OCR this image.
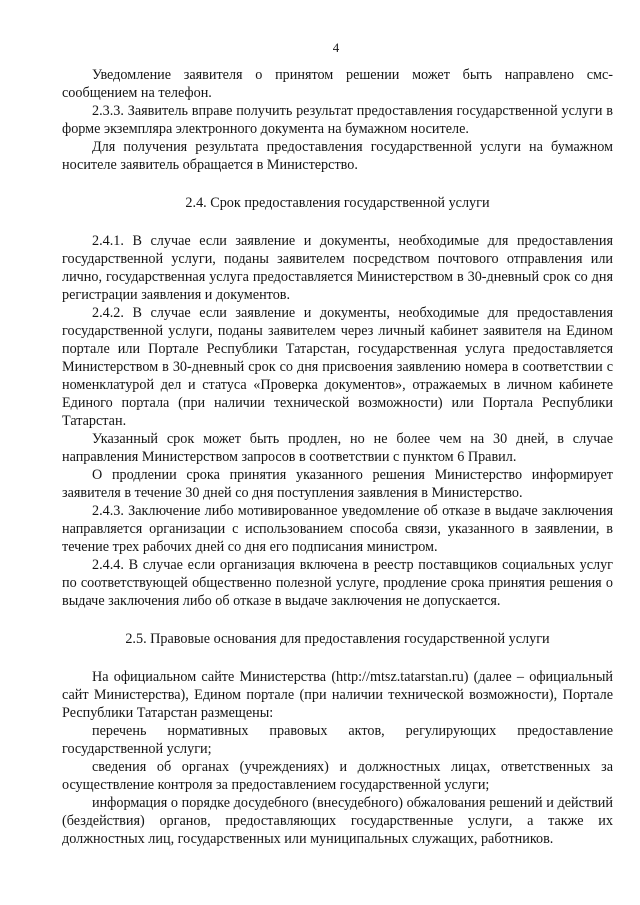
4

Уведомление заявителя о принятом решении может быть направлено смс-сообщением на телефон.

2.3.3. Заявитель вправе получить результат предоставления государственной услуги в форме экземпляра электронного документа на бумажном носителе.

Для получения результата предоставления государственной услуги на бумажном носителе заявитель обращается в Министерство.

2.4. Срок предоставления государственной услуги

2.4.1. В случае если заявление и документы, необходимые для предоставления государственной услуги, поданы заявителем посредством почтового отправления или лично, государственная услуга предоставляется Министерством в 30-дневный срок со дня регистрации заявления и документов.

2.4.2. В случае если заявление и документы, необходимые для предоставления государственной услуги, поданы заявителем через личный кабинет заявителя на Едином портале или Портале Республики Татарстан, государственная услуга предоставляется Министерством в 30-дневный срок со дня присвоения заявлению номера в соответствии с номенклатурой дел и статуса «Проверка документов», отражаемых в личном кабинете Единого портала (при наличии технической возможности) или Портала Республики Татарстан.

Указанный срок может быть продлен, но не более чем на 30 дней, в случае направления Министерством запросов в соответствии с пунктом 6 Правил.

О продлении срока принятия указанного решения Министерство информирует заявителя в течение 30 дней со дня поступления заявления в Министерство.

2.4.3. Заключение либо мотивированное уведомление об отказе в выдаче заключения направляется организации с использованием способа связи, указанного в заявлении, в течение трех рабочих дней со дня его подписания министром.

2.4.4. В случае если организация включена в реестр поставщиков социальных услуг по соответствующей общественно полезной услуге, продление срока принятия решения о выдаче заключения либо об отказе в выдаче заключения не допускается.

2.5. Правовые основания для предоставления государственной услуги

На официальном сайте Министерства (http://mtsz.tatarstan.ru) (далее – официальный сайт Министерства), Едином портале (при наличии технической возможности), Портале Республики Татарстан размещены:

перечень нормативных правовых актов, регулирующих предоставление государственной услуги;

сведения об органах (учреждениях) и должностных лицах, ответственных за осуществление контроля за предоставлением государственной услуги;

информация о порядке досудебного (внесудебного) обжалования решений и действий (бездействия) органов, предоставляющих государственные услуги, а также их должностных лиц, государственных или муниципальных служащих, работников.
